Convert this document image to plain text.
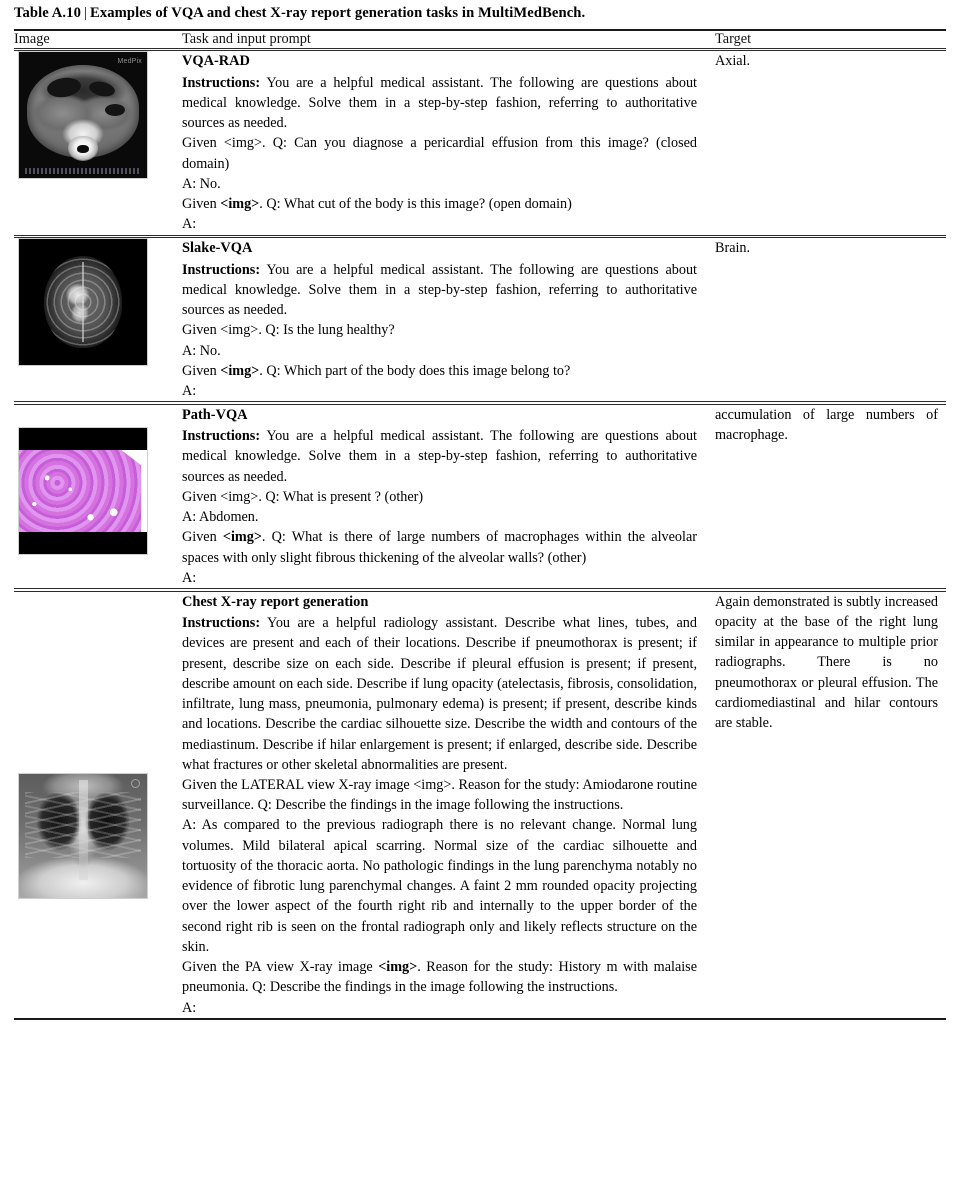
Table A.10 | Examples of VQA and chest X-ray report generation tasks in MultiMedBench.
Image	Task and input prompt	Target
MedPix	VQA-RAD

Instructions: You are a helpful medical assistant. The following are questions about medical knowledge. Solve them in a step-by-step fashion, referring to authoritative sources as needed.

Given <img>. Q: Can you diagnose a pericardial effusion from this image? (closed domain)

A: No.

Given <img>. Q: What cut of the body is this image? (open domain)

A:

	Axial.

Slake-VQA

Instructions: You are a helpful medical assistant. The following are questions about medical knowledge. Solve them in a step-by-step fashion, referring to authoritative sources as needed.

Given <img>. Q: Is the lung healthy?

A: No.

Given <img>. Q: Which part of the body does this image belong to?

A:

	Brain.

Path-VQA

Instructions: You are a helpful medical assistant. The following are questions about medical knowledge. Solve them in a step-by-step fashion, referring to authoritative sources as needed.

Given <img>. Q: What is present ? (other)

A: Abdomen.

Given <img>. Q: What is there of large numbers of macrophages within the alveolar spaces with only slight fibrous thickening of the alveolar walls? (other)

A:

	accumulation of large numbers of macrophage.

Chest X-ray report generation

Instructions: You are a helpful radiology assistant. Describe what lines, tubes, and devices are present and each of their locations. Describe if pneumothorax is present; if present, describe size on each side. Describe if pleural effusion is present; if present, describe amount on each side. Describe if lung opacity (atelectasis, fibrosis, consolidation, infiltrate, lung mass, pneumonia, pulmonary edema) is present; if present, describe kinds and locations. Describe the cardiac silhouette size. Describe the width and contours of the mediastinum. Describe if hilar enlargement is present; if enlarged, describe side. Describe what fractures or other skeletal abnormalities are present.

Given the LATERAL view X-ray image <img>. Reason for the study: Amiodarone routine surveillance. Q: Describe the findings in the image following the instructions.

A: As compared to the previous radiograph there is no relevant change. Normal lung volumes. Mild bilateral apical scarring. Normal size of the cardiac silhouette and tortuosity of the thoracic aorta. No pathologic findings in the lung parenchyma notably no evidence of fibrotic lung parenchymal changes. A faint 2 mm rounded opacity projecting over the lower aspect of the fourth right rib and internally to the upper border of the second right rib is seen on the frontal radiograph only and likely reflects structure on the skin.

Given the PA view X-ray image <img>. Reason for the study: History m with malaise pneumonia. Q: Describe the findings in the image following the instructions.

A:

	Again demonstrated is subtly increased opacity at the base of the right lung similar in appearance to multiple prior radiographs. There is no pneumothorax or pleural effusion. The cardiomediastinal and hilar contours are stable.
